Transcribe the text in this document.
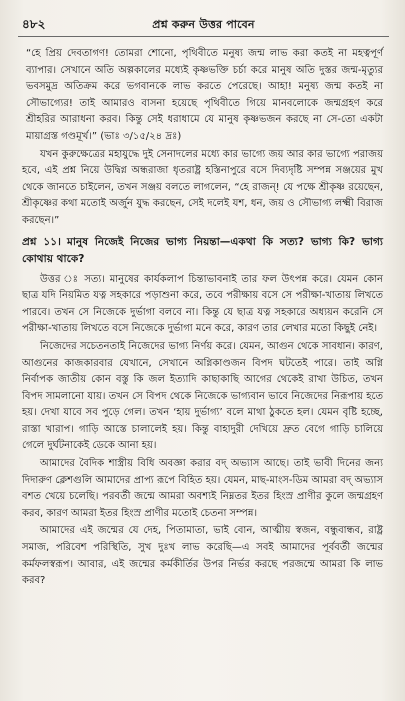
৪৮২	প্রশ্ন করুন উত্তর পাবেন

“হে প্রিয় দেবতাগণ! তোমরা শোনো, পৃথিবীতে মনুষ্য জন্ম লাভ করা কতই না মহত্বপূর্ণ ব্যাপার। সেখানে অতি অল্পকালের মধ্যেই কৃষ্ণভক্তি চর্চা করে মানুষ অতি দুস্তর জন্ম-মৃত্যুর ভবসমুদ্র অতিক্রম করে ভগবানকে লাভ করতে পেরেছে। আহা! মনুষ্য জন্ম কতই না সৌভাগ্যের! তাই আমারও বাসনা হয়েছে পৃথিবীতে গিয়ে মানবলোকে জন্মগ্রহণ করে শ্রীহরির আরাধনা করব। কিন্তু সেই ধরাধামে যে মানুষ কৃষ্ণভজন করছে না সে-তো একটা মায়াগ্রস্ত গণ্ডমূর্খ।” (ভাঃ ৩/১৫/২৪ দ্রঃ)

যখন কুরুক্ষেত্রের মহাযুদ্ধে দুই সেনাদলের মধ্যে কার ভাগ্যে জয় আর কার ভাগ্যে পরাজয় হবে, এই প্রশ্ন নিয়ে উদ্বিগ্ন অন্ধরাজা ধৃতরাষ্ট্র হস্তিনাপুরে বসে দিব্যদৃষ্টি সম্পন্ন সঞ্জয়ের মুখ থেকে জানতে চাইলেন, তখন সঞ্জয় বলতে লাগলেন, “হে রাজন্! যে পক্ষে শ্রীকৃষ্ণ রয়েছেন, শ্রীকৃষ্ণের কথা মতোই অর্জুন যুদ্ধ করছেন, সেই দলেই যশ, ধন, জয় ও সৌভাগ্য লক্ষ্মী বিরাজ করছেন।”

প্রশ্ন ১১। মানুষ নিজেই নিজের ভাগ্য নিয়ন্তা—একথা কি সত্য? ভাগ্য কি? ভাগ্য কোথায় থাকে?

উত্তর ঃ সত্য। মানুষের কার্যকলাপ চিন্তাভাবনাই তার ফল উৎপন্ন করে। যেমন কোন ছাত্র যদি নিয়মিত যত্ন সহকারে পড়াশুনা করে, তবে পরীক্ষায় বসে সে পরীক্ষা-খাতায় লিখতে পারবে। তখন সে নিজেকে দুর্ভাগা বলবে না। কিন্তু যে ছাত্র যত্ন সহকারে অধ্যয়ন করেনি সে পরীক্ষা-খাতায় লিখতে বসে নিজেকে দুর্ভাগা মনে করে, কারণ তার লেখার মতো কিছুই নেই।

নিজেদের সচেতনতাই নিজেদের ভাগ্য নির্ণয় করে। যেমন, আগুন থেকে সাবধান। কারণ, আগুনের কাজকারবার যেখানে, সেখানে অগ্নিকাণ্ডজন বিপদ ঘটতেই পারে। তাই অগ্নি নির্বাপক জাতীয় কোন বস্তু কি জল ইত্যাদি কাছাকাছি আগের থেকেই রাখা উচিত, তখন বিপদ সামলানো যায়। তখন সে বিপদ থেকে নিজেকে ভাগ্যবান ভাবে নিজেদের নিরূপায় হতে হয়। দেখা যাবে সব পুড়ে গেল। তখন ‘হায় দুর্ভাগ্য’ বলে মাথা ঠুকতে হল। যেমন বৃষ্টি হচ্ছে, রাস্তা খারাপ। গাড়ি আস্তে চালালেই হয়। কিন্তু বাহাদুরী দেখিয়ে দ্রুত বেগে গাড়ি চালিয়ে গেলে দুর্ঘটনাকেই ডেকে আনা হয়।

আমাদের বৈদিক শাস্ত্রীয় বিধি অবজ্ঞা করার বদ্ অভ্যাস আছে। তাই ভাবী দিনের জন্য দিদারুণ ক্লেশগুলি আমাদের প্রাপ্য রূপে বিহিত হয়। যেমন, মাছ-মাংস-ডিম আমরা বদ্ অভ্যাস বশত খেয়ে চলেছি। পরবর্তী জন্মে আমরা অবশ্যই নিম্নতর ইতর হিংস্র প্রাণীর কুলে জন্মগ্রহণ করব, কারণ আমরা ইতর হিংস্র প্রাণীর মতোই চেতনা সম্পন্ন।

আমাদের এই জন্মের যে দেহ, পিতামাতা, ভাই বোন, আত্মীয় স্বজন, বন্ধুবান্ধব, রাষ্ট্র সমাজ, পরিবেশ পরিস্থিতি, সুখ দুঃখ লাভ করেছি—এ সবই আমাদের পূর্ববর্তী জন্মের কর্মফলস্বরূপ। আবার, এই জন্মের কর্মকীর্তির উপর নির্ভর করছে পরজন্মে আমরা কি লাভ করব?
